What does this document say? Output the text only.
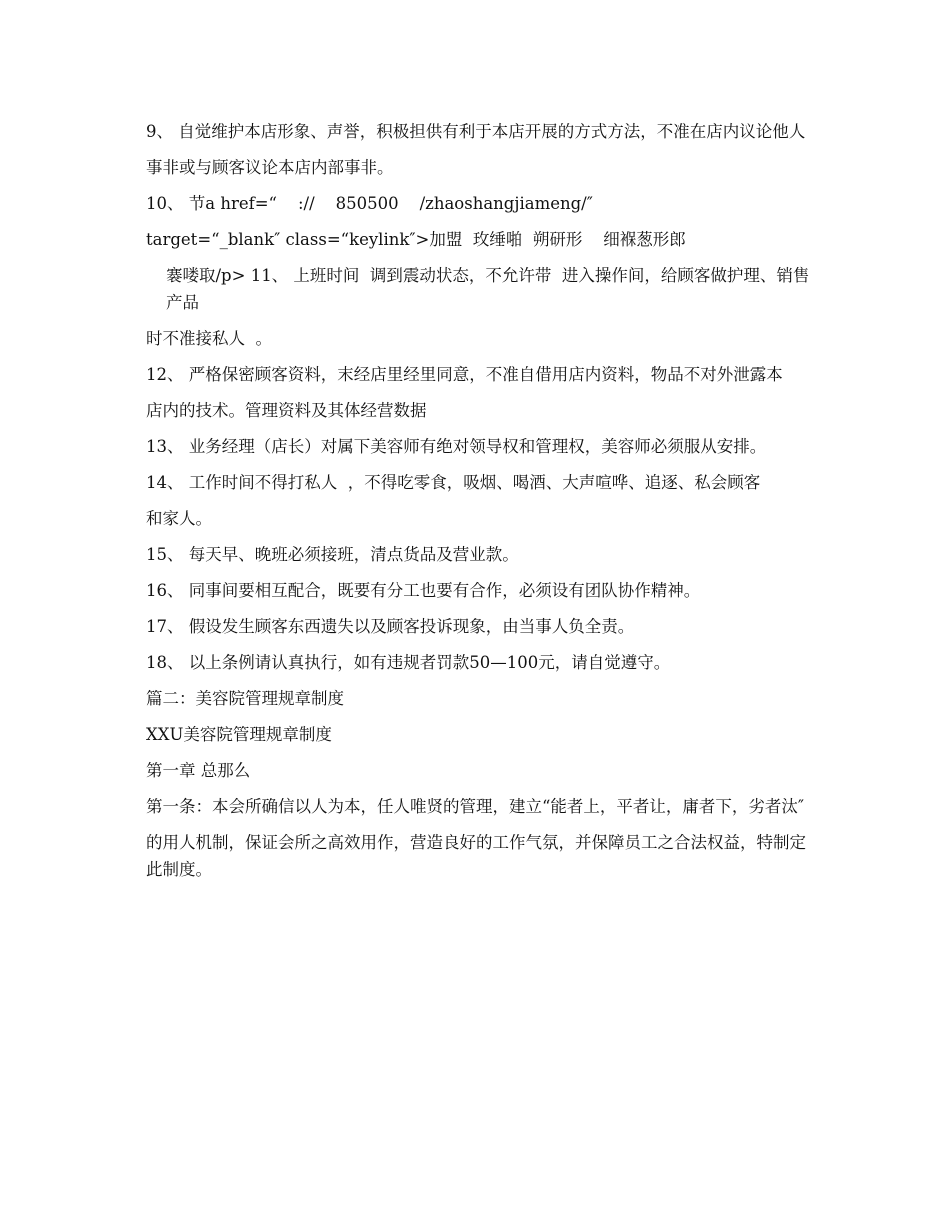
9、 自觉维护本店形象、声誉，积极担供有利于本店开展的方式方法，不准在店内议论他人
事非或与顾客议论本店内部事非。
10、 节a href=“    ://    850500    /zhaoshangjiameng/″
target=“_blank″ class=“keylink″>加盟  玫缍啪  朔研形    细褓葱形郎
褰喽取/p> 11、 上班时间  调到震动状态，不允许带  进入操作间，给顾客做护理、销售产品
时不准接私人  。
12、 严格保密顾客资料，末经店里经里同意，不准自借用店内资料，物品不对外泄露本
店内的技术。管理资料及其体经营数据
13、 业务经理（店长）对属下美容师有绝对领导权和管理权，美容师必须服从安排。
14、 工作时间不得打私人  ，不得吃零食，吸烟、喝酒、大声喧哗、追逐、私会顾客
和家人。
15、 每天早、晚班必须接班，清点货品及营业款。
16、 同事间要相互配合，既要有分工也要有合作，必须设有团队协作精神。
17、 假设发生顾客东西遗失以及顾客投诉现象，由当事人负全责。
18、 以上条例请认真执行，如有违规者罚款50—100元，请自觉遵守。
篇二：美容院管理规章制度
XXU美容院管理规章制度
第一章 总那么
第一条：本会所确信以人为本，任人唯贤的管理，建立“能者上，平者让，庸者下，劣者汰″
的用人机制，保证会所之高效用作，营造良好的工作气氛，并保障员工之合法权益，特制定此制度。
